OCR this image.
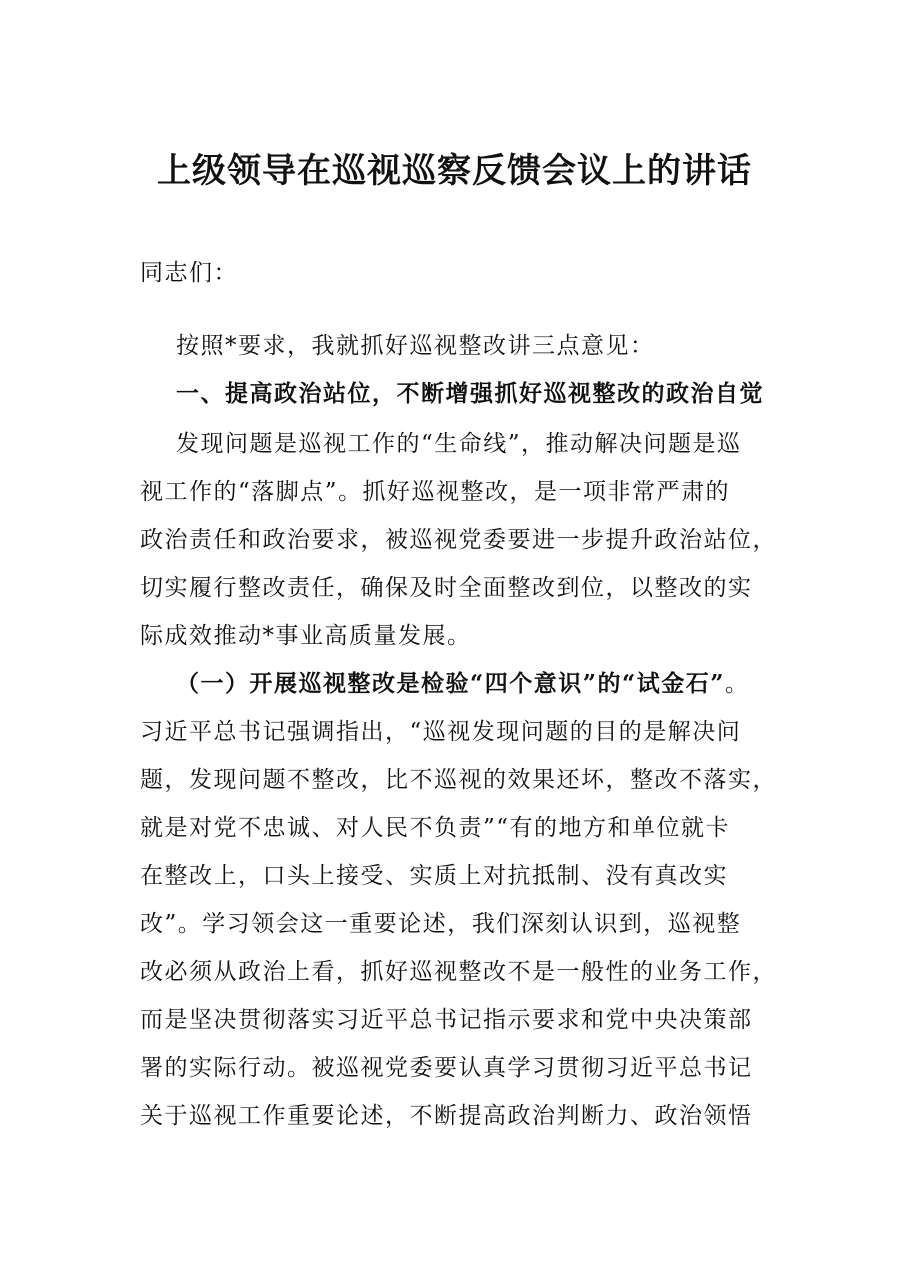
上级领导在巡视巡察反馈会议上的讲话
同志们：
按照*要求，我就抓好巡视整改讲三点意见：
一、提高政治站位，不断增强抓好巡视整改的政治自觉
发现问题是巡视工作的“生命线”，推动解决问题是巡
视工作的“落脚点”。抓好巡视整改，是一项非常严肃的
政治责任和政治要求，被巡视党委要进一步提升政治站位，
切实履行整改责任，确保及时全面整改到位，以整改的实
际成效推动*事业高质量发展。
（一）开展巡视整改是检验“四个意识”的“试金石”。
习近平总书记强调指出，“巡视发现问题的目的是解决问
题，发现问题不整改，比不巡视的效果还坏，整改不落实，
就是对党不忠诚、对人民不负责”“有的地方和单位就卡
在整改上，口头上接受、实质上对抗抵制、没有真改实
改”。学习领会这一重要论述，我们深刻认识到，巡视整
改必须从政治上看，抓好巡视整改不是一般性的业务工作，
而是坚决贯彻落实习近平总书记指示要求和党中央决策部
署的实际行动。被巡视党委要认真学习贯彻习近平总书记
关于巡视工作重要论述，不断提高政治判断力、政治领悟
